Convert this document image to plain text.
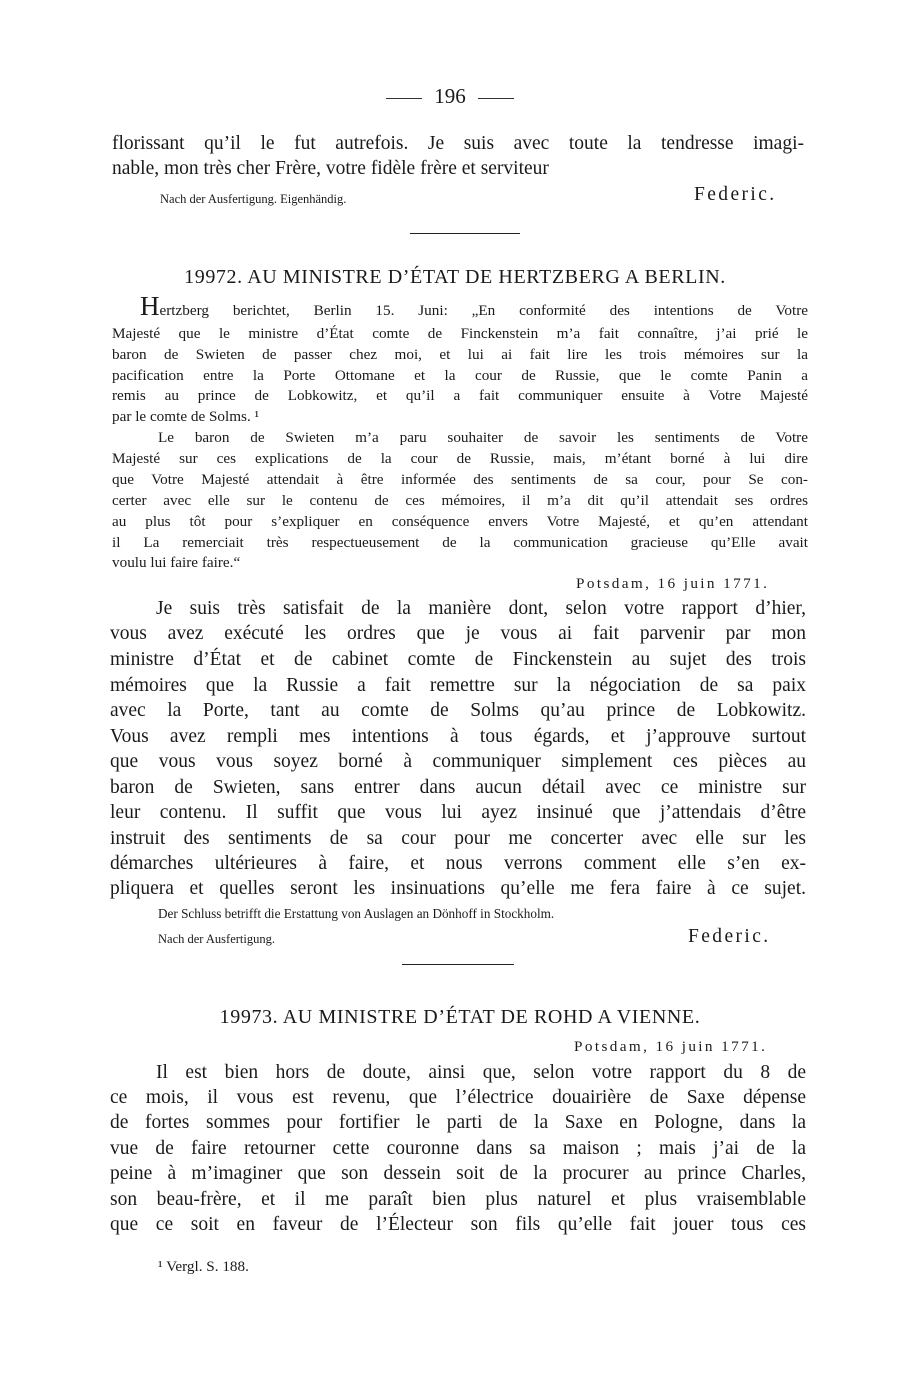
196
florissant qu’il le fut autrefois. Je suis avec toute la tendresse imagi-
nable, mon très cher Frère, votre fidèle frère et serviteur
Nach der Ausfertigung. Eigenhändig.	Federic.
19972. AU MINISTRE D’ÉTAT DE HERTZBERG A BERLIN.
Hertzberg berichtet, Berlin 15. Juni: „En conformité des intentions de Votre
Majesté que le ministre d’État comte de Finckenstein m’a fait connaître, j’ai prié le
baron de Swieten de passer chez moi, et lui ai fait lire les trois mémoires sur la
pacification entre la Porte Ottomane et la cour de Russie, que le comte Panin a
remis au prince de Lobkowitz, et qu’il a fait communiquer ensuite à Votre Majesté
par le comte de Solms. ¹
Le baron de Swieten m’a paru souhaiter de savoir les sentiments de Votre
Majesté sur ces explications de la cour de Russie, mais, m’étant borné à lui dire
que Votre Majesté attendait à être informée des sentiments de sa cour, pour Se con-
certer avec elle sur le contenu de ces mémoires, il m’a dit qu’il attendait ses ordres
au plus tôt pour s’expliquer en conséquence envers Votre Majesté, et qu’en attendant
il La remerciait très respectueusement de la communication gracieuse qu’Elle avait
voulu lui faire faire.“
Potsdam, 16 juin 1771.
Je suis très satisfait de la manière dont, selon votre rapport d’hier,
vous avez exécuté les ordres que je vous ai fait parvenir par mon
ministre d’État et de cabinet comte de Finckenstein au sujet des trois
mémoires que la Russie a fait remettre sur la négociation de sa paix
avec la Porte, tant au comte de Solms qu’au prince de Lobkowitz.
Vous avez rempli mes intentions à tous égards, et j’approuve surtout
que vous vous soyez borné à communiquer simplement ces pièces au
baron de Swieten, sans entrer dans aucun détail avec ce ministre sur
leur contenu. Il suffit que vous lui ayez insinué que j’attendais d’être
instruit des sentiments de sa cour pour me concerter avec elle sur les
démarches ultérieures à faire, et nous verrons comment elle s’en ex-
pliquera et quelles seront les insinuations qu’elle me fera faire à ce sujet.
Der Schluss betrifft die Erstattung von Auslagen an Dönhoff in Stockholm.
Nach der Ausfertigung.	Federic.
19973. AU MINISTRE D’ÉTAT DE ROHD A VIENNE.
Potsdam, 16 juin 1771.
Il est bien hors de doute, ainsi que, selon votre rapport du 8 de
ce mois, il vous est revenu, que l’électrice douairière de Saxe dépense
de fortes sommes pour fortifier le parti de la Saxe en Pologne, dans la
vue de faire retourner cette couronne dans sa maison ; mais j’ai de la
peine à m’imaginer que son dessein soit de la procurer au prince Charles,
son beau-frère, et il me paraît bien plus naturel et plus vraisemblable
que ce soit en faveur de l’Électeur son fils qu’elle fait jouer tous ces
¹ Vergl. S. 188.
